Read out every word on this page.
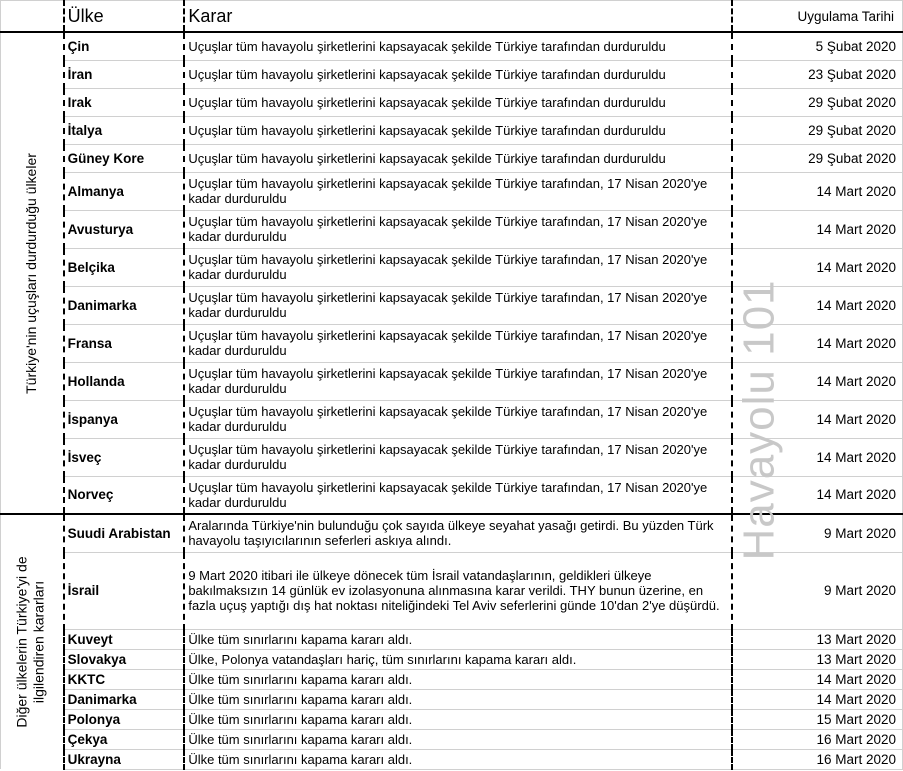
	Ülke	Karar	Uygulama Tarihi
	Çin	Uçuşlar tüm havayolu şirketlerini kapsayacak şekilde Türkiye tarafından durduruldu	5 Şubat 2020
	İran	Uçuşlar tüm havayolu şirketlerini kapsayacak şekilde Türkiye tarafından durduruldu	23 Şubat 2020
	Irak	Uçuşlar tüm havayolu şirketlerini kapsayacak şekilde Türkiye tarafından durduruldu	29 Şubat 2020
	İtalya	Uçuşlar tüm havayolu şirketlerini kapsayacak şekilde Türkiye tarafından durduruldu	29 Şubat 2020
	Güney Kore	Uçuşlar tüm havayolu şirketlerini kapsayacak şekilde Türkiye tarafından durduruldu	29 Şubat 2020
	Almanya	Uçuşlar tüm havayolu şirketlerini kapsayacak şekilde Türkiye tarafından, 17 Nisan 2020'ye kadar durduruldu	14 Mart 2020
	Avusturya	Uçuşlar tüm havayolu şirketlerini kapsayacak şekilde Türkiye tarafından, 17 Nisan 2020'ye kadar durduruldu	14 Mart 2020
	Belçika	Uçuşlar tüm havayolu şirketlerini kapsayacak şekilde Türkiye tarafından, 17 Nisan 2020'ye kadar durduruldu	14 Mart 2020
	Danimarka	Uçuşlar tüm havayolu şirketlerini kapsayacak şekilde Türkiye tarafından, 17 Nisan 2020'ye kadar durduruldu	14 Mart 2020
	Fransa	Uçuşlar tüm havayolu şirketlerini kapsayacak şekilde Türkiye tarafından, 17 Nisan 2020'ye kadar durduruldu	14 Mart 2020
	Hollanda	Uçuşlar tüm havayolu şirketlerini kapsayacak şekilde Türkiye tarafından, 17 Nisan 2020'ye kadar durduruldu	14 Mart 2020
	İspanya	Uçuşlar tüm havayolu şirketlerini kapsayacak şekilde Türkiye tarafından, 17 Nisan 2020'ye kadar durduruldu	14 Mart 2020
	İsveç	Uçuşlar tüm havayolu şirketlerini kapsayacak şekilde Türkiye tarafından, 17 Nisan 2020'ye kadar durduruldu	14 Mart 2020
	Norveç	Uçuşlar tüm havayolu şirketlerini kapsayacak şekilde Türkiye tarafından, 17 Nisan 2020'ye kadar durduruldu	14 Mart 2020
	Suudi Arabistan	Aralarında Türkiye'nin bulunduğu çok sayıda ülkeye seyahat yasağı getirdi. Bu yüzden Türk havayolu taşıyıcılarının seferleri askıya alındı.	9 Mart 2020
	İsrail	9 Mart 2020 itibari ile ülkeye dönecek tüm İsrail vatandaşlarının, geldikleri ülkeye bakılmaksızın 14 günlük ev izolasyonuna alınmasına karar verildi. THY bunun üzerine, en fazla uçuş yaptığı dış hat noktası niteliğindeki Tel Aviv seferlerini günde 10'dan 2'ye düşürdü.	9 Mart 2020
	Kuveyt	Ülke tüm sınırlarını kapama kararı aldı.	13 Mart 2020
	Slovakya	Ülke, Polonya vatandaşları hariç, tüm sınırlarını kapama kararı aldı.	13 Mart 2020
	KKTC	Ülke tüm sınırlarını kapama kararı aldı.	14 Mart 2020
	Danimarka	Ülke tüm sınırlarını kapama kararı aldı.	14 Mart 2020
	Polonya	Ülke tüm sınırlarını kapama kararı aldı.	15 Mart 2020
	Çekya	Ülke tüm sınırlarını kapama kararı aldı.	16 Mart 2020
	Ukrayna	Ülke tüm sınırlarını kapama kararı aldı.	16 Mart 2020
Türkiye'nin uçuşları durdurduğu ülkeler
Diğer ülkelerin Türkiye'yi de ilgilendiren kararları
Havayolu 101
